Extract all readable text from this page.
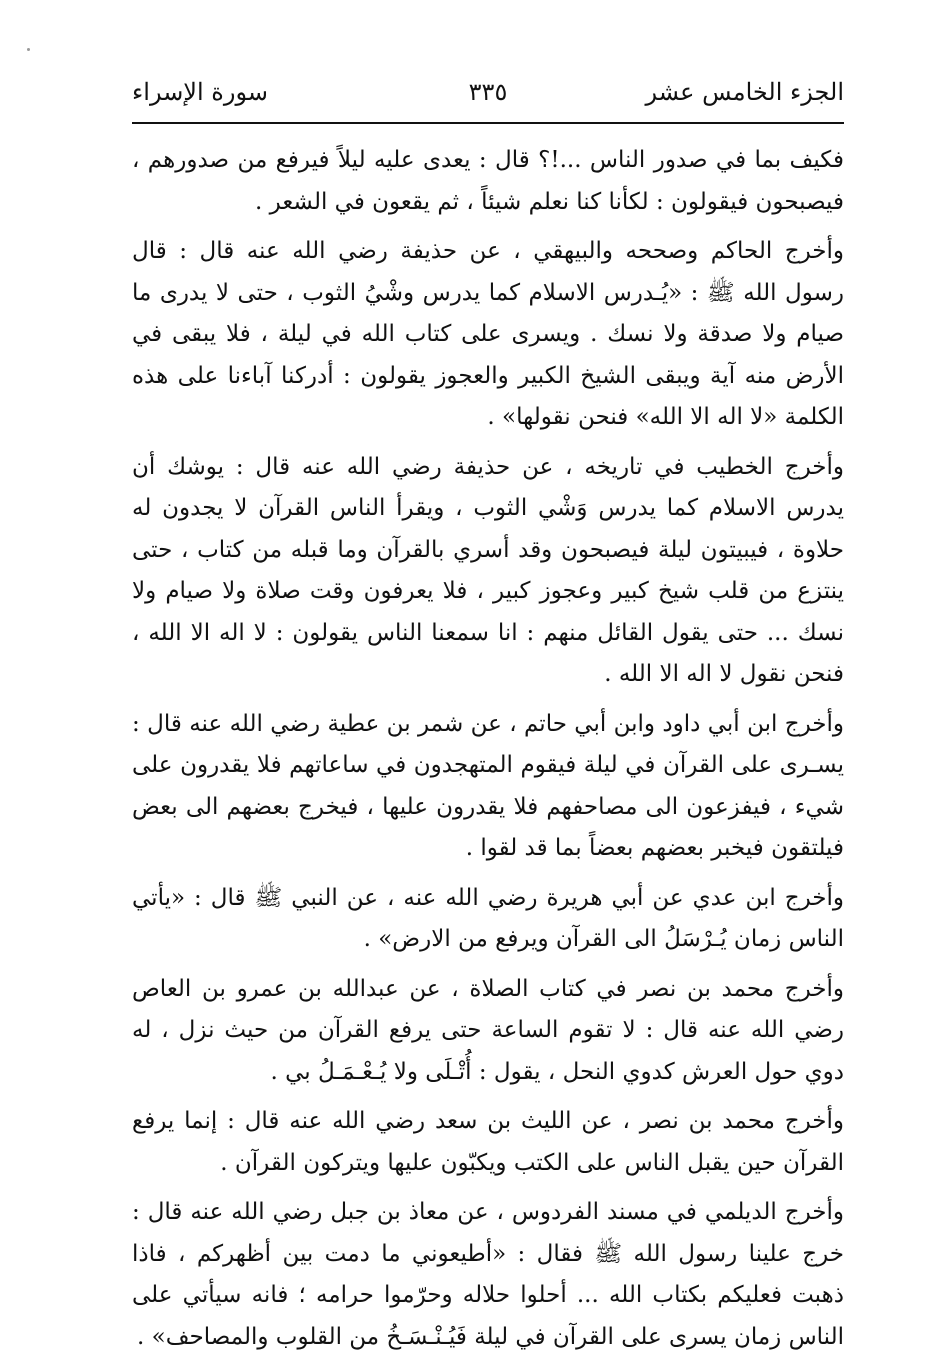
الجزء الخامس عشر
٣٣٥
سورة الإسراء

فكيف بما في صدور الناس ...!؟ قال : يعدى عليه ليلاً فيرفع من صدورهم ، فيصبحون فيقولون : لكأنا كنا نعلم شيئاً ، ثم يقعون في الشعر .

وأخرج الحاكم وصححه والبيهقي ، عن حذيفة رضي الله عنه قال : قال رسول الله ﷺ : «يُـدرس الاسلام كما يدرس وشْيُ الثوب ، حتى لا يدرى ما صيام ولا صدقة ولا نسك . ويسرى على كتاب الله في ليلة ، فلا يبقى في الأرض منه آية ويبقى الشيخ الكبير والعجوز يقولون : أدركنا آباءنا على هذه الكلمة «لا اله الا الله» فنحن نقولها» .

وأخرج الخطيب في تاريخه ، عن حذيفة رضي الله عنه قال : يوشك أن يدرس الاسلام كما يدرس وَشْي الثوب ، ويقرأ الناس القرآن لا يجدون له حلاوة ، فيبيتون ليلة فيصبحون وقد أسري بالقرآن وما قبله من كتاب ، حتى ينتزع من قلب شيخ كبير وعجوز كبير ، فلا يعرفون وقت صلاة ولا صيام ولا نسك ... حتى يقول القائل منهم : انا سمعنا الناس يقولون : لا اله الا الله ، فنحن نقول لا اله الا الله .

وأخرج ابن أبي داود وابن أبي حاتم ، عن شمر بن عطية رضي الله عنه قال : يسـرى على القرآن في ليلة فيقوم المتهجدون في ساعاتهم فلا يقدرون على شيء ، فيفزعون الى مصاحفهم فلا يقدرون عليها ، فيخرج بعضهم الى بعض فيلتقون فيخبر بعضهم بعضاً بما قد لقوا .

وأخرج ابن عدي عن أبي هريرة رضي الله عنه ، عن النبي ﷺ قال : «يأتي الناس زمان يُـرْسَلُ الى القرآن ويرفع من الارض» .

وأخرج محمد بن نصر في كتاب الصلاة ، عن عبدالله بن عمرو بن العاص رضي الله عنه قال : لا تقوم الساعة حتى يرفع القرآن من حيث نزل ، له دوي حول العرش كدوي النحل ، يقول : أُتْـلَى ولا يُـعْـمَـلُ بي .

وأخرج محمد بن نصر ، عن الليث بن سعد رضي الله عنه قال : إنما يرفع القرآن حين يقبل الناس على الكتب ويكبّون عليها ويتركون القرآن .

وأخرج الديلمي في مسند الفردوس ، عن معاذ بن جبل رضي الله عنه قال : خرج علينا رسول الله ﷺ فقال : «أطيعوني ما دمت بين أظهركم ، فاذا ذهبت فعليكم بكتاب الله ... أحلوا حلاله وحرّموا حرامه ؛ فانه سيأتي على الناس زمان يسرى على القرآن في ليلة فَيُـنْـسَـخُ من القلوب والمصاحف» .
